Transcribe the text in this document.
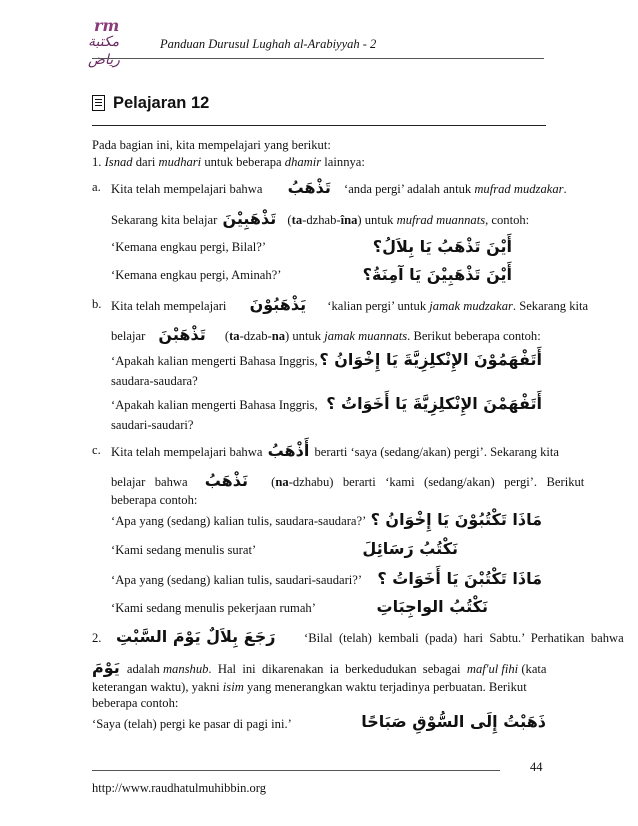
rm
مكتبة رياض
Panduan Durusul Lughah al-Arabiyyah - 2
Pelajaran 12
Pada bagian ini, kita mempelajari yang berikut:
1. Isnad dari mudhari untuk beberapa dhamir lainnya:
a. Kita telah mempelajari bahwa تَذْهَبُ ‘anda pergi’ adalah antuk mufrad mudzakar.
Sekarang kita belajar تَذْهَبِيْنَ (ta-dzhab-îna) untuk mufrad muannats, contoh:
‘Kemana engkau pergi, Bilal?’	أَيْنَ تَذْهَبُ يَا بِلاَلُ؟
‘Kemana engkau pergi, Aminah?’	أَيْنَ تَذْهَبِيْنَ يَا آمِنَةُ؟
b. Kita telah mempelajari يَذْهَبُوْنَ ‘kalian pergi’ untuk jamak mudzakar. Sekarang kita
belajar تَذْهَبْنَ (ta-dzab-na) untuk jamak muannats. Berikut beberapa contoh:
‘Apakah kalian mengerti Bahasa Inggris,
saudara-saudara?
أَتَفْهَمُوْنَ الإِنْكلِزِيَّةَ يَا إِخْوَانُ ؟
‘Apakah kalian mengerti Bahasa Inggris,
saudari-saudari?
أَتَفْهَمْنَ الإِنْكلِزِيَّةَ يَا أَخَوَاتُ ؟
c. Kita telah mempelajari bahwa أَذْهَبُ berarti ‘saya (sedang/akan) pergi’. Sekarang kita
belajar   bahwa نَذْهَبُ (na-dzhabu)   berarti   ‘kami   (sedang/akan)   pergi’.   Berikut
beberapa contoh:
‘Apa yang (sedang) kalian tulis, saudara-saudara?’ مَاذَا تَكْتُبُوْنَ يَا إِخْوَانُ ؟
‘Kami sedang menulis surat’	نَكْتُبُ رَسَائِلَ
‘Apa yang (sedang) kalian tulis, saudari-saudari?’ مَاذَا تَكْتُبْنَ يَا أَخَوَاتُ ؟
‘Kami sedang menulis pekerjaan rumah’	نَكْتُبُ الواجِبَاتِ
2. رَجَعَ بِلاَلٌ يَوْمَ السَّبْتِ ‘Bilal  (telah)  kembali  (pada)  hari  Sabtu.’  Perhatikan  bahwa
يَوْمَ adalah manshub.  Hal  ini  dikarenakan  ia  berkedudukan  sebagai  maf'ul fihi (kata
keterangan waktu), yakni isim yang menerangkan waktu terjadinya perbuatan. Berikut
beberapa contoh:
‘Saya (telah) pergi ke pasar di pagi ini.’	ذَهَبْتُ إِلَى السُّوْقِ صَبَاحًا
44
http://www.raudhatulmuhibbin.org
